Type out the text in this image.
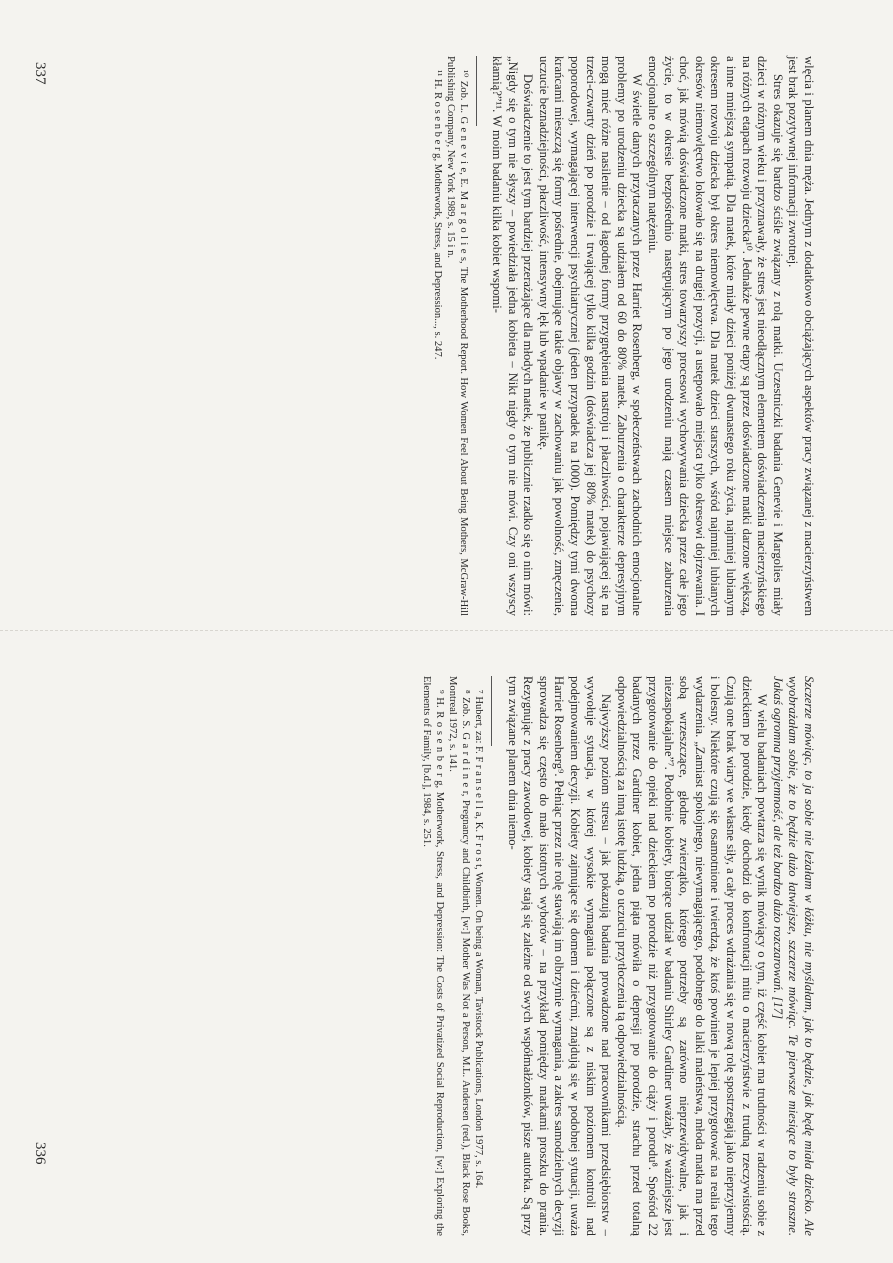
Szczerze mówiąc, to ja sobie nie leżałam w łóżku, nie myślałam, jak to będzie, jak będę miała dziecko. Ale wyobrażałam sobie, że to będzie dużo łatwiejsze, szczerze mówiąc. Te pierwsze miesiące to były straszne. Jakaś ogromna przyjemność, ale też bardzo dużo rozczarowań. [17]

W wielu badaniach powtarza się wynik mówiący o tym, iż część kobiet ma trudności w radzeniu sobie z dzieckiem po porodzie, kiedy dochodzi do konfrontacji mitu o macierzyństwie z trudną rzeczywistością. Czują one brak wiary we własne siły, a cały proces wdrażania się w nową rolę spostrzegają jako nieprzyjemny i bolesny. Niektóre czują się osamotnione i twierdzą, że ktoś powinien je lepiej przygotować na realia tego wydarzenia. „Zamiast spokojnego, niewymagającego, podobnego do lalki maleństwa, młoda matka ma przed sobą wrzeszczące, głodne zwierzątko, którego potrzeby są zarówno nieprzewidywalne, jak i niezaspokajalne”⁷. Podobnie kobiety, biorące udział w badaniu Shirley Gardiner uważały, że ważniejsze jest przygotowanie do opieki nad dzieckiem po porodzie niż przygotowanie do ciąży i porodu⁸. Spośród 22 badanych przez Gardiner kobiet, jedna piąta mówiła o depresji po porodzie, strachu przed totalną odpowiedzialnością za inną istotę ludzką, o uczuciu przytłoczenia tą odpowiedzialnością.

Najwyższy poziom stresu – jak pokazują badania prowadzone nad pracownikami przedsiębiorstw – wywołuje sytuacja, w której wysokie wymagania połączone są z niskim poziomem kontroli nad podejmowaniem decyzji. Kobiety zajmujące się domem i dziećmi, znajdują się w podobnej sytuacji, uważa Harriet Rosenberg⁹. Pełniąc przez nie rolę stawiają im olbrzymie wymagania, a zakres samodzielnych decyzji sprowadza się często do mało istotnych wyborów – na przykład pomiędzy markami proszku do prania. Rezygnując z pracy zawodowej, kobiety stają się zależne od swych współmałżonków, pisze autorka. Są przy tym związane planem dnia niemo-

⁷ Hubert, za: F. F r a n s e l l a, K. F r o s t, Women. On being a Woman, Tavistock Publications, London 1977, s. 164.

⁸ Zob. S. G a r d i n e r, Pregnancy and Childbirth, [w:] Mother Was Not a Person, M.L. Andersen (red.), Black Rose Books, Montreal 1972, s. 141.

⁹ H. R o s e n b e r g, Motherwork, Stress, and Depression: The Costs of Privatized Social Reproduction, [w:] Exploring the Elements of Family, [b.d.], 1984, s. 251.

336

wlęcia i planem dnia męża. Jednym z dodatkowo obciążających aspektów pracy związanej z macierzyństwem jest brak pozytywnej informacji zwrotnej.

Stres okazuje się bardzo ściśle związany z rolą matki. Uczestniczki badania Genevie i Margolies miały dzieci w różnym wieku i przyznawały, że stres jest nieodłącznym elementem doświadczenia macierzyńskiego na różnych etapach rozwoju dziecka¹⁰. Jednakże pewne etapy są przez doświadczone matki darzone większą, a inne mniejszą sympatią. Dla matek, które miały dzieci poniżej dwunastego roku życia, najmniej lubianym okresem rozwoju dziecka był okres niemowlęctwa. Dla matek dzieci starszych, wśród najmniej lubianych okresów niemowlęctwo lokowało się na drugiej pozycji, a ustępowało miejsca tylko okresowi dojrzewania. I choć, jak mówią doświadczone matki, stres towarzyszy procesowi wychowywania dziecka przez całe jego życie, to w okresie bezpośrednio następującym po jego urodzeniu mają czasem miejsce zaburzenia emocjonalne o szczególnym natężeniu.

W świetle danych przytaczanych przez Harriet Rosenberg, w społeczeństwach zachodnich emocjonalne problemy po urodzeniu dziecka są udziałem od 60 do 80% matek. Zaburzenia o charakterze depresyjnym mogą mieć różne nasilenie – od łagodnej formy przygnębienia nastroju i płaczliwości, pojawiającej się na trzeci-czwarty dzień po porodzie i trwającej tylko kilka godzin (doświadcza jej 80% matek) do psychozy poporodowej, wymagającej interwencji psychiatrycznej (jeden przypadek na 1000). Pomiędzy tymi dwoma krańcami mieszczą się formy pośrednie, obejmujące takie objawy w zachowaniu jak powolność, zmęczenie, uczucie beznadziejności, płaczliwość, intensywny lęk lub wpadanie w panikę.

Doświadczenie to jest tym bardziej przerażające dla młodych matek, że publicznie rzadko się o nim mówi: „Nigdy się o tym nie słyszy – powiedziała jedna kobieta – Nikt nigdy o tym nie mówi. Czy oni wszyscy kłamią?”¹¹. W moim badaniu kilka kobiet wspomi-

¹⁰ Zob. L. G e n e v i e, E. M a r g o l i e s, The Motherhood Report. How Women Feel About Being Mothers, McGraw-Hill Publishing Company, New York 1989, s. 15 i n.

¹¹ H. R o s e n b e r g, Motherwork, Stress, and Depression..., s. 247.

337
